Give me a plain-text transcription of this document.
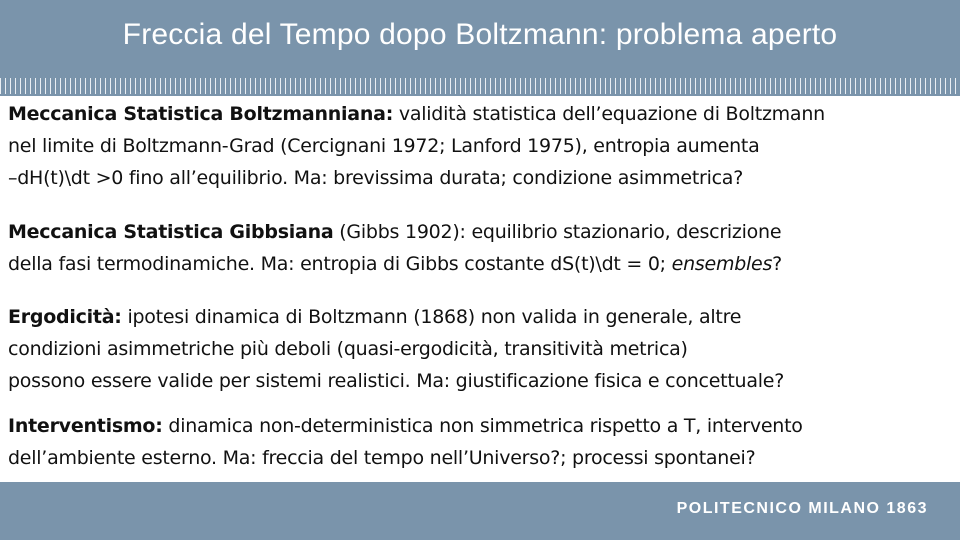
Freccia del Tempo dopo Boltzmann: problema aperto
Meccanica Statistica Boltzmanniana: validità statistica dell’equazione di Boltzmann
nel limite di Boltzmann-Grad (Cercignani 1972; Lanford 1975), entropia aumenta
–dH(t)\dt >0 fino all’equilibrio. Ma: brevissima durata; condizione asimmetrica?
Meccanica Statistica Gibbsiana (Gibbs 1902): equilibrio stazionario, descrizione
della fasi termodinamiche. Ma: entropia di Gibbs costante dS(t)\dt = 0; ensembles?
Ergodicità: ipotesi dinamica di Boltzmann (1868) non valida in generale, altre
condizioni asimmetriche più deboli (quasi-ergodicità, transitività metrica)
possono essere valide per sistemi realistici. Ma: giustificazione fisica e concettuale?
Interventismo: dinamica non-deterministica non simmetrica rispetto a T, intervento
dell’ambiente esterno. Ma: freccia del tempo nell’Universo?; processi spontanei?
POLITECNICO MILANO 1863
